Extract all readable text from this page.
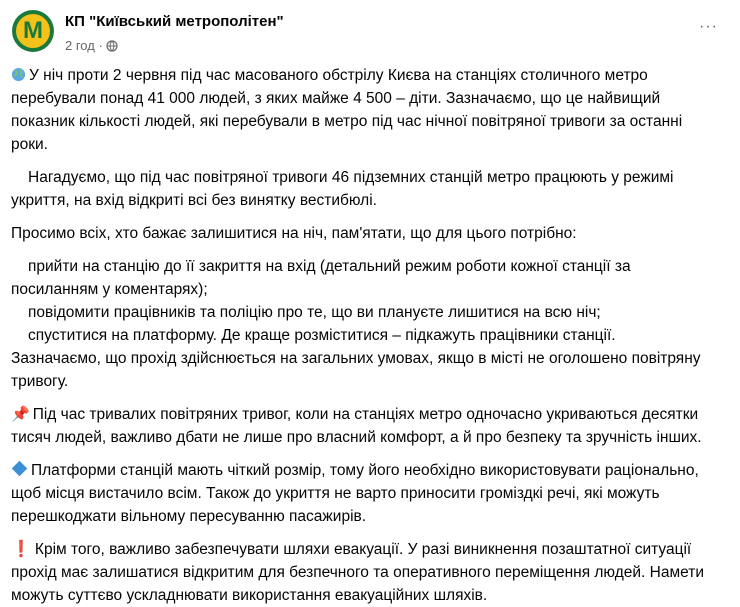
M КП "Київський метрополітен"
2 год ·
···

У ніч проти 2 червня під час масованого обстрілу Києва на станціях столичного метро перебували понад 41 000 людей, з яких майже 4 500 – діти. Зазначаємо, що це найвищий показник кількості людей, які перебували в метро під час нічної повітряної тривоги за останні роки.

Нагадуємо, що під час повітряної тривоги 46 підземних станцій метро працюють у режимі укриття, на вхід відкриті всі без винятку вестибюлі.

Просимо всіх, хто бажає залишитися на ніч, пам'ятати, що для цього потрібно:

прийти на станцію до її закриття на вхід (детальний режим роботи кожної станції за посиланням у коментарях);

повідомити працівників та поліцію про те, що ви плануєте лишитися на всю ніч;

спуститися на платформу. Де краще розміститися – підкажуть працівники станції.

Зазначаємо, що прохід здійснюється на загальних умовах, якщо в місті не оголошено повітряну тривогу.

📌 Під час тривалих повітряних тривог, коли на станціях метро одночасно укриваються десятки тисяч людей, важливо дбати не лише про власний комфорт, а й про безпеку та зручність інших.

Платформи станцій мають чіткий розмір, тому його необхідно використовувати раціонально, щоб місця вистачило всім. Також до укриття не варто приносити громіздкі речі, які можуть перешкоджати вільному пересуванню пасажирів.

❗ Крім того, важливо забезпечувати шляхи евакуації. У разі виникнення позаштатної ситуації прохід має залишатися відкритим для безпечного та оперативного переміщення людей. Намети можуть суттєво ускладнювати використання евакуаційних шляхів.
